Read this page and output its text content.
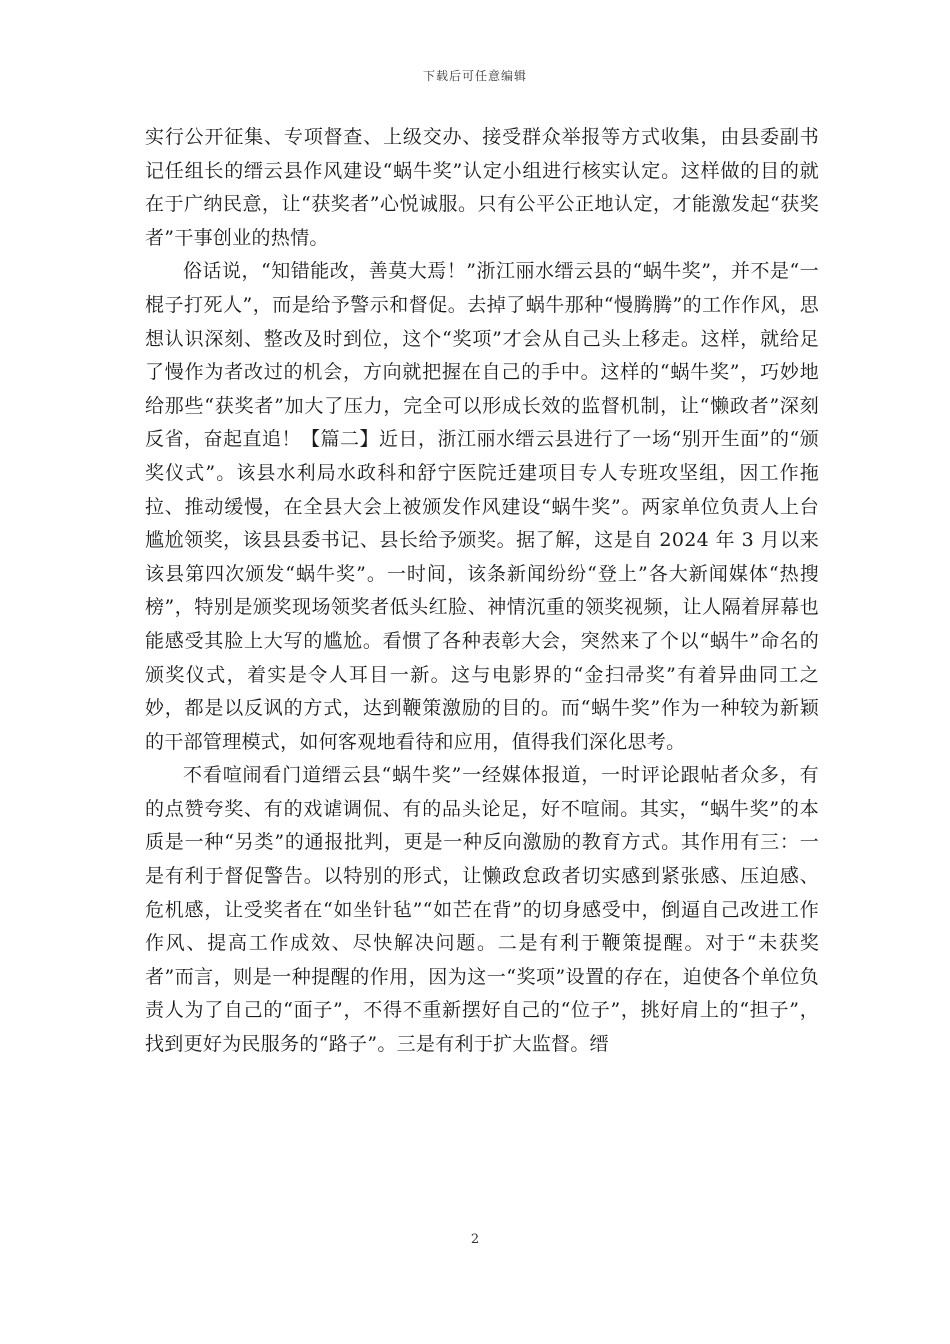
下载后可任意编辑

实行公开征集、专项督查、上级交办、接受群众举报等方式收集，由县委副书记任组长的缙云县作风建设“蜗牛奖”认定小组进行核实认定。这样做的目的就在于广纳民意，让“获奖者”心悦诚服。只有公平公正地认定，才能激发起“获奖者”干事创业的热情。

俗话说，“知错能改，善莫大焉！”浙江丽水缙云县的“蜗牛奖”，并不是“一棍子打死人”，而是给予警示和督促。去掉了蜗牛那种“慢腾腾”的工作作风，思想认识深刻、整改及时到位，这个“奖项”才会从自己头上移走。这样，就给足了慢作为者改过的机会，方向就把握在自己的手中。这样的“蜗牛奖”，巧妙地给那些“获奖者”加大了压力，完全可以形成长效的监督机制，让“懒政者”深刻反省，奋起直追！【篇二】近日，浙江丽水缙云县进行了一场“别开生面”的“颁奖仪式”。该县水利局水政科和舒宁医院迁建项目专人专班攻坚组，因工作拖拉、推动缓慢，在全县大会上被颁发作风建设“蜗牛奖”。两家单位负责人上台尴尬领奖，该县县委书记、县长给予颁奖。据了解，这是自 2024 年 3 月以来该县第四次颁发“蜗牛奖”。一时间，该条新闻纷纷“登上”各大新闻媒体“热搜榜”，特别是颁奖现场领奖者低头红脸、神情沉重的领奖视频，让人隔着屏幕也能感受其脸上大写的尴尬。看惯了各种表彰大会，突然来了个以“蜗牛”命名的颁奖仪式，着实是令人耳目一新。这与电影界的“金扫帚奖”有着异曲同工之妙，都是以反讽的方式，达到鞭策激励的目的。而“蜗牛奖”作为一种较为新颖的干部管理模式，如何客观地看待和应用，值得我们深化思考。

不看喧闹看门道缙云县“蜗牛奖”一经媒体报道，一时评论跟帖者众多，有的点赞夸奖、有的戏谑调侃、有的品头论足，好不喧闹。其实，“蜗牛奖”的本质是一种“另类”的通报批判，更是一种反向激励的教育方式。其作用有三：一是有利于督促警告。以特别的形式，让懒政怠政者切实感到紧张感、压迫感、危机感，让受奖者在“如坐针毡”“如芒在背”的切身感受中，倒逼自己改进工作作风、提高工作成效、尽快解决问题。二是有利于鞭策提醒。对于“未获奖者”而言，则是一种提醒的作用，因为这一“奖项”设置的存在，迫使各个单位负责人为了自己的“面子”，不得不重新摆好自己的“位子”，挑好肩上的“担子”，找到更好为民服务的“路子”。三是有利于扩大监督。缙

2
